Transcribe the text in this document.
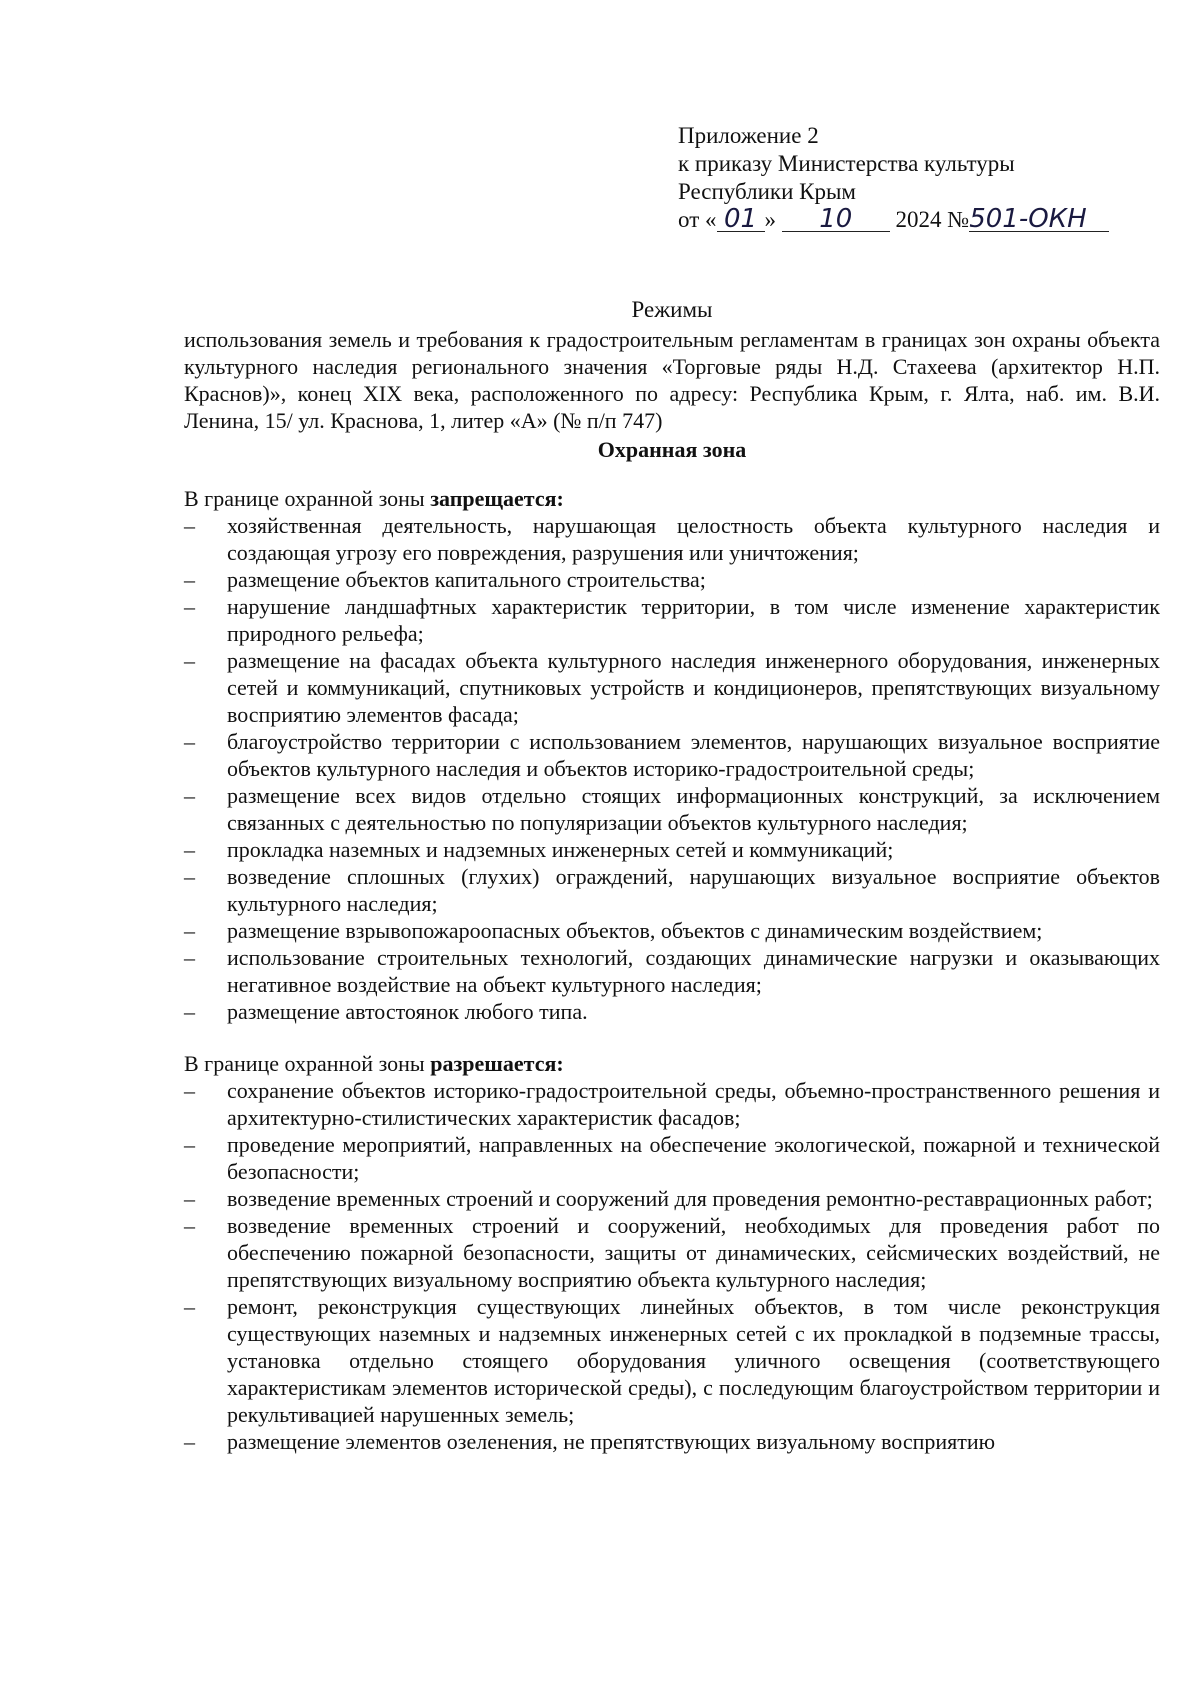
Приложение 2
к приказу Министерства культуры
Республики Крым
от « 01 » 10 2024 №501-ОКН
Режимы
использования земель и требования к градостроительным регламентам в границах зон охраны объекта культурного наследия регионального значения «Торговые ряды Н.Д. Стахеева (архитектор Н.П. Краснов)», конец XIX века, расположенного по адресу: Республика Крым, г. Ялта, наб. им. В.И. Ленина, 15/ ул. Краснова, 1, литер «А» (№ п/п 747)
Охранная зона
В границе охранной зоны запрещается:
– хозяйственная деятельность, нарушающая целостность объекта культурного наследия и создающая угрозу его повреждения, разрушения или уничтожения;
– размещение объектов капитального строительства;
– нарушение ландшафтных характеристик территории, в том числе изменение характеристик природного рельефа;
– размещение на фасадах объекта культурного наследия инженерного оборудования, инженерных сетей и коммуникаций, спутниковых устройств и кондиционеров, препятствующих визуальному восприятию элементов фасада;
– благоустройство территории с использованием элементов, нарушающих визуальное восприятие объектов культурного наследия и объектов историко-градостроительной среды;
– размещение всех видов отдельно стоящих информационных конструкций, за исключением связанных с деятельностью по популяризации объектов культурного наследия;
– прокладка наземных и надземных инженерных сетей и коммуникаций;
– возведение сплошных (глухих) ограждений, нарушающих визуальное восприятие объектов культурного наследия;
– размещение взрывопожароопасных объектов, объектов с динамическим воздействием;
– использование строительных технологий, создающих динамические нагрузки и оказывающих негативное воздействие на объект культурного наследия;
– размещение автостоянок любого типа.
В границе охранной зоны разрешается:
– сохранение объектов историко-градостроительной среды, объемно-пространственного решения и архитектурно-стилистических характеристик фасадов;
– проведение мероприятий, направленных на обеспечение экологической, пожарной и технической безопасности;
– возведение временных строений и сооружений для проведения ремонтно-реставрационных работ;
– возведение временных строений и сооружений, необходимых для проведения работ по обеспечению пожарной безопасности, защиты от динамических, сейсмических воздействий, не препятствующих визуальному восприятию объекта культурного наследия;
– ремонт, реконструкция существующих линейных объектов, в том числе реконструкция существующих наземных и надземных инженерных сетей с их прокладкой в подземные трассы, установка отдельно стоящего оборудования уличного освещения (соответствующего характеристикам элементов исторической среды), с последующим благоустройством территории и рекультивацией нарушенных земель;
– размещение элементов озеленения, не препятствующих визуальному восприятию
